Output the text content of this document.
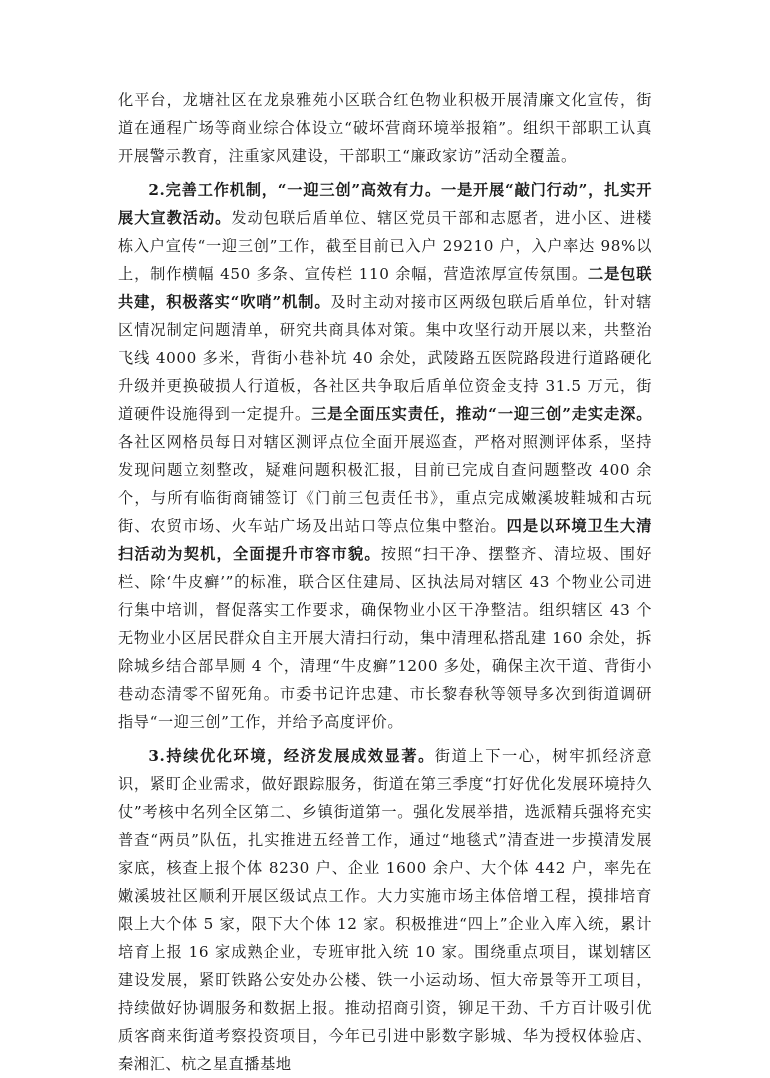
化平台，龙塘社区在龙泉雅苑小区联合红色物业积极开展清廉文化宣传，街道在通程广场等商业综合体设立“破坏营商环境举报箱”。组织干部职工认真开展警示教育，注重家风建设，干部职工“廉政家访”活动全覆盖。

2.完善工作机制，“一迎三创”高效有力。一是开展“敲门行动”，扎实开展大宣教活动。发动包联后盾单位、辖区党员干部和志愿者，进小区、进楼栋入户宣传“一迎三创”工作，截至目前已入户 29210 户，入户率达 98%以上，制作横幅 450 多条、宣传栏 110 余幅，营造浓厚宣传氛围。二是包联共建，积极落实“吹哨”机制。及时主动对接市区两级包联后盾单位，针对辖区情况制定问题清单，研究共商具体对策。集中攻坚行动开展以来，共整治飞线 4000 多米，背街小巷补坑 40 余处，武陵路五医院路段进行道路硬化升级并更换破损人行道板，各社区共争取后盾单位资金支持 31.5 万元，街道硬件设施得到一定提升。三是全面压实责任，推动“一迎三创”走实走深。各社区网格员每日对辖区测评点位全面开展巡查，严格对照测评体系，坚持发现问题立刻整改，疑难问题积极汇报，目前已完成自查问题整改 400 余个，与所有临街商铺签订《门前三包责任书》，重点完成嫩溪坡鞋城和古玩街、农贸市场、火车站广场及出站口等点位集中整治。四是以环境卫生大清扫活动为契机，全面提升市容市貌。按照“扫干净、摆整齐、清垃圾、围好栏、除‘牛皮癣’”的标准，联合区住建局、区执法局对辖区 43 个物业公司进行集中培训，督促落实工作要求，确保物业小区干净整洁。组织辖区 43 个无物业小区居民群众自主开展大清扫行动，集中清理私搭乱建 160 余处，拆除城乡结合部旱厕 4 个，清理“牛皮癣”1200 多处，确保主次干道、背街小巷动态清零不留死角。市委书记许忠建、市长黎春秋等领导多次到街道调研指导“一迎三创”工作，并给予高度评价。

3.持续优化环境，经济发展成效显著。街道上下一心，树牢抓经济意识，紧盯企业需求，做好跟踪服务，街道在第三季度“打好优化发展环境持久仗”考核中名列全区第二、乡镇街道第一。强化发展举措，选派精兵强将充实普查“两员”队伍，扎实推进五经普工作，通过“地毯式”清查进一步摸清发展家底，核查上报个体 8230 户、企业 1600 余户、大个体 442 户，率先在嫩溪坡社区顺利开展区级试点工作。大力实施市场主体倍增工程，摸排培育限上大个体 5 家，限下大个体 12 家。积极推进“四上”企业入库入统，累计培育上报 16 家成熟企业，专班审批入统 10 家。围绕重点项目，谋划辖区建设发展，紧盯铁路公安处办公楼、铁一小运动场、恒大帝景等开工项目，持续做好协调服务和数据上报。推动招商引资，铆足干劲、千方百计吸引优质客商来街道考察投资项目，今年已引进中影数字影城、华为授权体验店、秦湘汇、杭之星直播基地
